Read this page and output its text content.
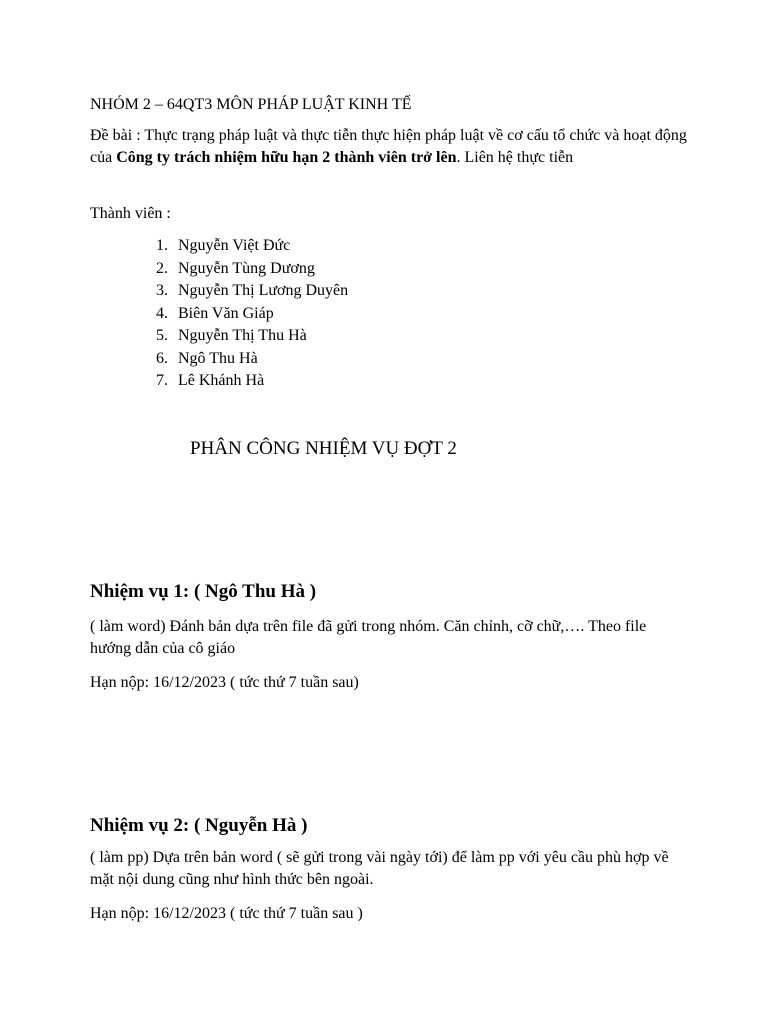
NHÓM 2 – 64QT3 MÔN PHÁP LUẬT KINH TẾ

Đề bài : Thực trạng pháp luật và thực tiễn thực hiện pháp luật về cơ cấu tổ chức và hoạt động của Công ty trách nhiệm hữu hạn 2 thành viên trở lên. Liên hệ thực tiễn

Thành viên :

1. Nguyễn Việt Đức
2. Nguyễn Tùng Dương
3. Nguyễn Thị Lương Duyên
4. Biên Văn Giáp
5. Nguyễn Thị Thu Hà
6. Ngô Thu Hà
7. Lê Khánh Hà
PHÂN CÔNG NHIỆM VỤ ĐỢT 2
Nhiệm vụ 1: ( Ngô Thu Hà )

( làm word) Đánh bản dựa trên file đã gửi trong nhóm. Căn chỉnh, cỡ chữ,…. Theo file hướng dẫn của cô giáo

Hạn nộp: 16/12/2023 ( tức thứ 7 tuần sau)

Nhiệm vụ 2: ( Nguyễn Hà )

( làm pp) Dựa trên bản word ( sẽ gửi trong vài ngày tới) để làm pp với yêu cầu phù hợp về mặt nội dung cũng như hình thức bên ngoài.

Hạn nộp: 16/12/2023 ( tức thứ 7 tuần sau )
